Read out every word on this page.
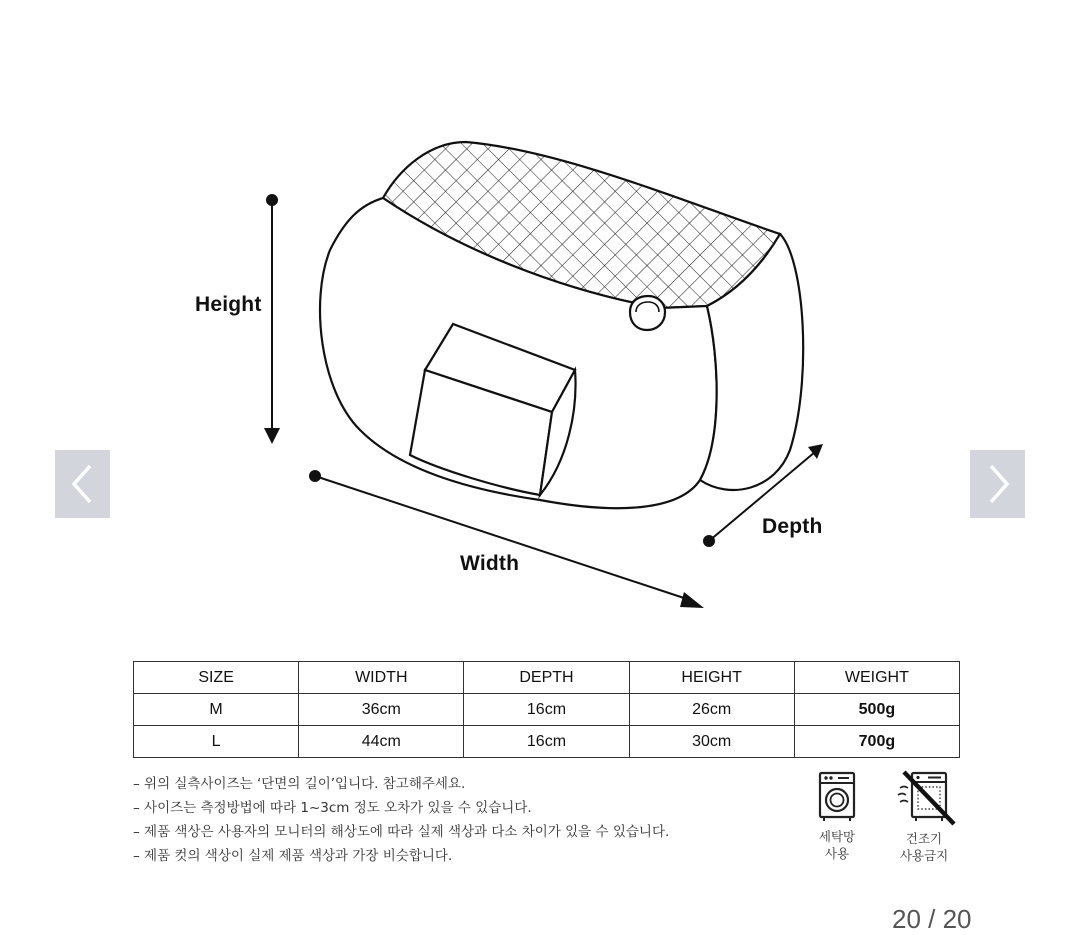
Height
Width
Depth
SIZE	WIDTH	DEPTH	HEIGHT	WEIGHT
M	36cm	16cm	26cm	500g
L	44cm	16cm	30cm	700g
– 위의 실측사이즈는 ‘단면의 길이’입니다. 참고해주세요.
– 사이즈는 측정방법에 따라 1~3cm 정도 오차가 있을 수 있습니다.
– 제품 색상은 사용자의 모니터의 해상도에 따라 실제 색상과 다소 차이가 있을 수 있습니다.
– 제품 컷의 색상이 실제 제품 색상과 가장 비슷합니다.
세탁망
사용
건조기
사용금지
20 / 20
